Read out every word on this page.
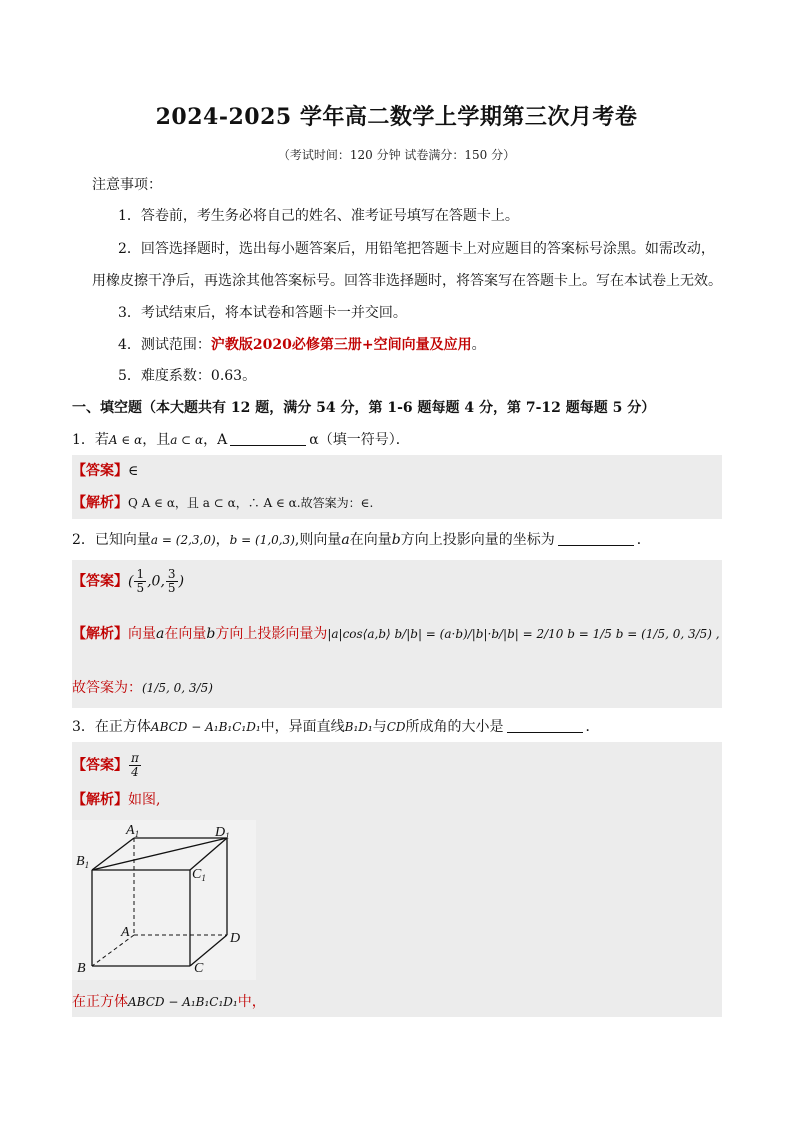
2024-2025 学年高二数学上学期第三次月考卷
（考试时间：120 分钟 试卷满分：150 分）
注意事项：
1．答卷前，考生务必将自己的姓名、准考证号填写在答题卡上。
2．回答选择题时，选出每小题答案后，用铅笔把答题卡上对应题目的答案标号涂黑。如需改动，
用橡皮擦干净后，再选涂其他答案标号。回答非选择题时，将答案写在答题卡上。写在本试卷上无效。
3．考试结束后，将本试卷和答题卡一并交回。
4．测试范围：沪教版2020必修第三册+空间向量及应用。
5．难度系数：0.63。
一、填空题（本大题共有 12 题，满分 54 分，第 1-6 题每题 4 分，第 7-12 题每题 5 分）
1．若A ∈ α，且a ⊂ α，A	α（填一符号）．
【答案】∈
【解析】Q A ∈ α，且 a ⊂ α，∴ A ∈ α.故答案为：∈.
2．已知向量a = (2,3,0)，b = (1,0,3),则向量a在向量b方向上投影向量的坐标为	．
【答案】( $\frac{1}{5} ,0$, $\frac{3}{5}$ )
【解析】向量a在向量b方向上投影向量为|a|cos⟨a,b⟩ b/|b| = (a·b)/|b|·b/|b| = 2/10 b = 1/5 b = (1/5, 0, 3/5) ,
故答案为：(1/5, 0, 3/5)
3．在正方体ABCD − A₁B₁C₁D₁中，异面直线B₁D₁与CD所成角的大小是	．
【答案】 $\frac{\pi}{4}$
【解析】如图,
$A_1$	$D_1$
$B_1$
$C_1$
A	D
B	C
在正方体ABCD − A₁B₁C₁D₁中，
